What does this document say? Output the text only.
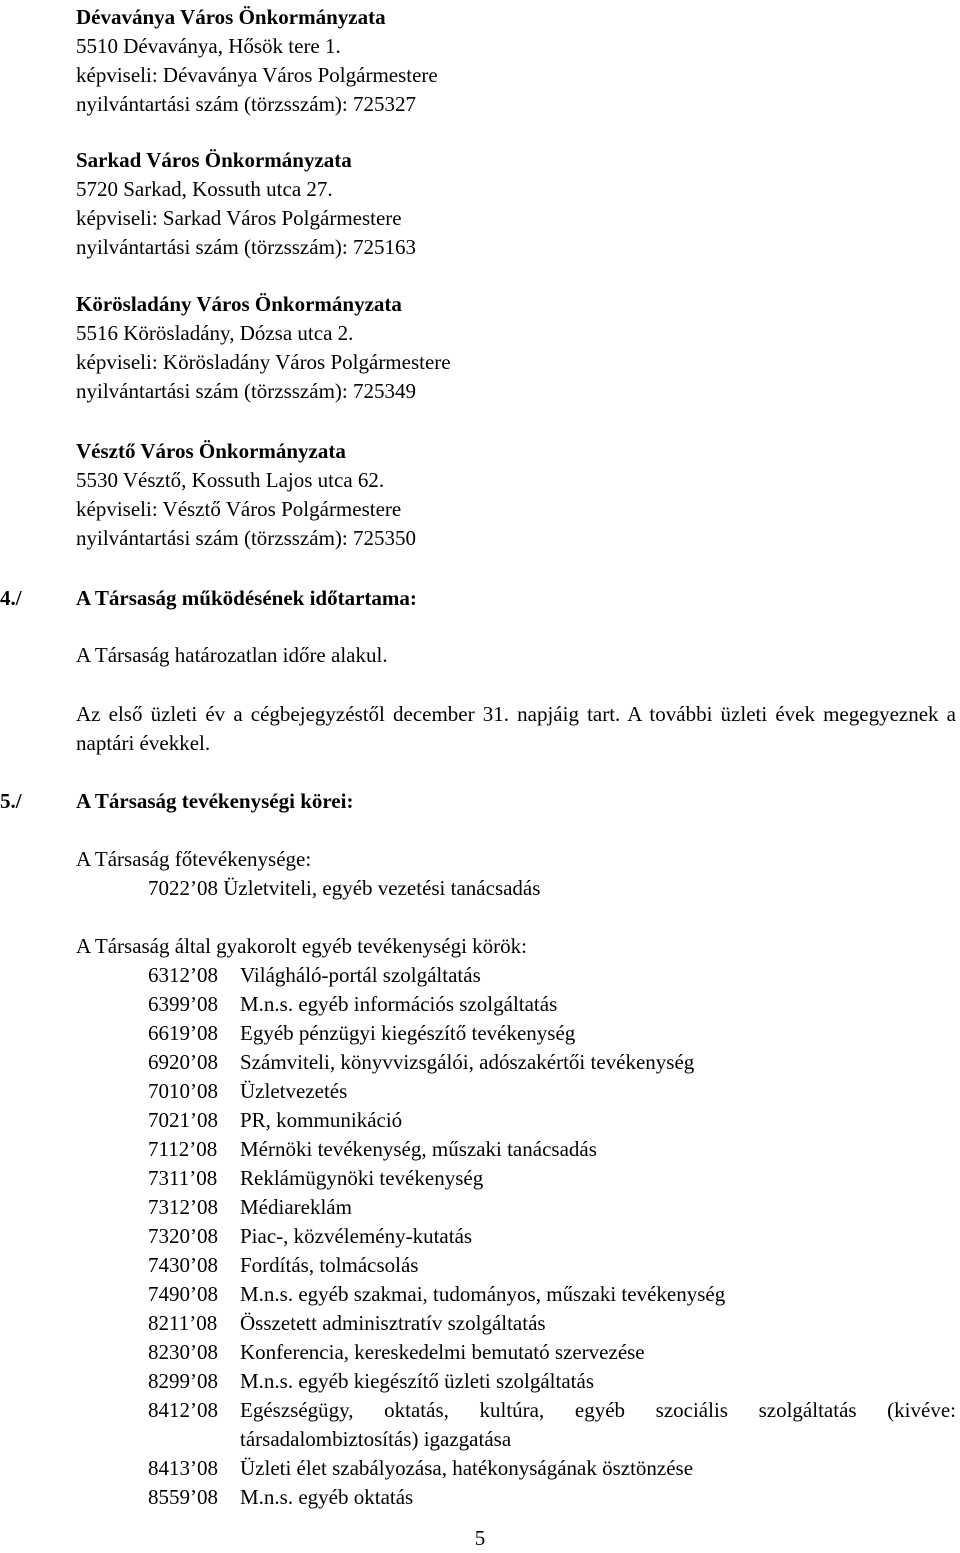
Dévaványa Város Önkormányzata
5510 Dévaványa, Hősök tere 1.
képviseli: Dévaványa Város Polgármestere
nyilvántartási szám (törzsszám): 725327
Sarkad Város Önkormányzata
5720 Sarkad, Kossuth utca 27.
képviseli: Sarkad Város Polgármestere
nyilvántartási szám (törzsszám): 725163
Körösladány Város Önkormányzata
5516 Körösladány, Dózsa utca 2.
képviseli: Körösladány Város Polgármestere
nyilvántartási szám (törzsszám): 725349
Vésztő Város Önkormányzata
5530 Vésztő, Kossuth Lajos utca 62.
képviseli: Vésztő Város Polgármestere
nyilvántartási szám (törzsszám): 725350
4./	A Társaság működésének időtartama:
A Társaság határozatlan időre alakul.
Az első üzleti év a cégbejegyzéstől december 31. napjáig tart. A további üzleti évek megegyeznek a naptári évekkel.
5./	A Társaság tevékenységi körei:
A Társaság főtevékenysége:
7022’08 Üzletviteli, egyéb vezetési tanácsadás
A Társaság által gyakorolt egyéb tevékenységi körök:
6312’08	Világháló-portál szolgáltatás
6399’08	M.n.s. egyéb információs szolgáltatás
6619’08	Egyéb pénzügyi kiegészítő tevékenység
6920’08	Számviteli, könyvvizsgálói, adószakértői tevékenység
7010’08	Üzletvezetés
7021’08	PR, kommunikáció
7112’08	Mérnöki tevékenység, műszaki tanácsadás
7311’08	Reklámügynöki tevékenység
7312’08	Médiareklám
7320’08	Piac-, közvélemény-kutatás
7430’08	Fordítás, tolmácsolás
7490’08	M.n.s. egyéb szakmai, tudományos, műszaki tevékenység
8211’08	Összetett adminisztratív szolgáltatás
8230’08	Konferencia, kereskedelmi bemutató szervezése
8299’08	M.n.s. egyéb kiegészítő üzleti szolgáltatás
8412’08	Egészségügy, oktatás, kultúra, egyéb szociális szolgáltatás (kivéve: társadalombiztosítás) igazgatása
8413’08	Üzleti élet szabályozása, hatékonyságának ösztönzése
8559’08	M.n.s. egyéb oktatás
5
